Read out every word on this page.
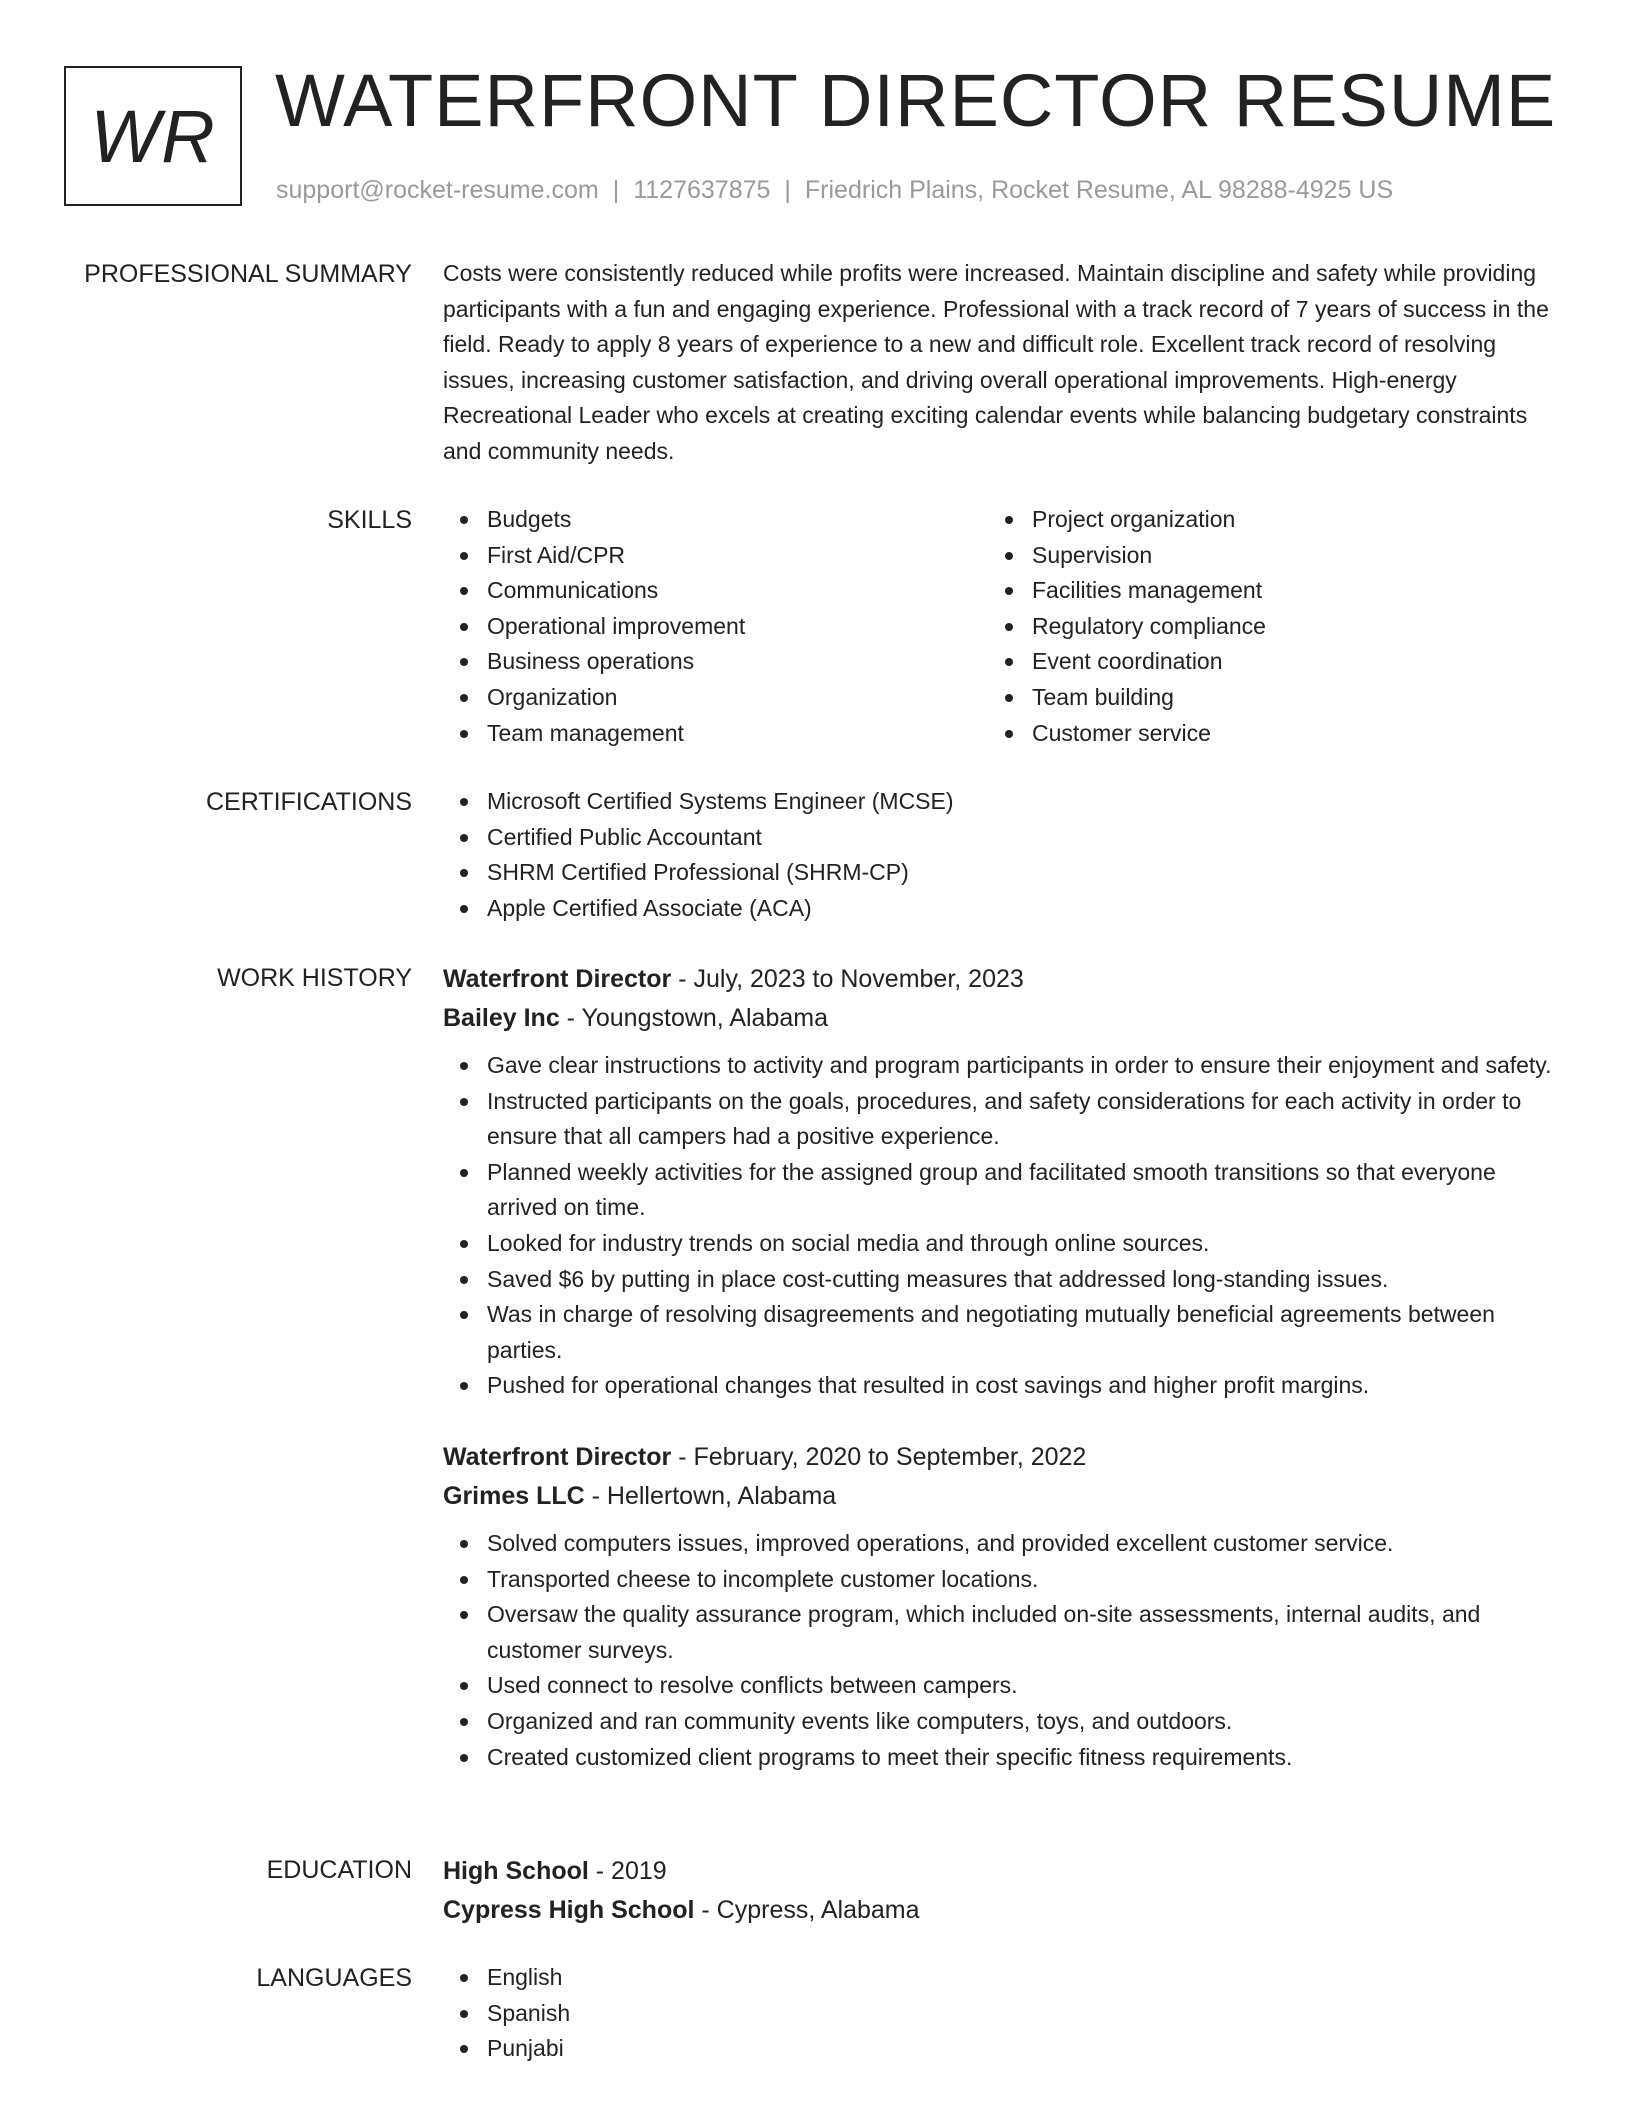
WR WATERFRONT DIRECTOR RESUME
support@rocket-resume.com | 1127637875 | Friedrich Plains, Rocket Resume, AL 98288-4925 US
PROFESSIONAL SUMMARY Costs were consistently reduced while profits were increased. Maintain discipline and safety while providing participants with a fun and engaging experience. Professional with a track record of 7 years of success in the field. Ready to apply 8 years of experience to a new and difficult role. Excellent track record of resolving issues, increasing customer satisfaction, and driving overall operational improvements. High-energy Recreational Leader who excels at creating exciting calendar events while balancing budgetary constraints and community needs.

SKILLS	Budgets
First Aid/CPR
Communications
Operational improvement
Business operations
Organization
Team management
Project organization
Supervision
Facilities management
Regulatory compliance
Event coordination
Team building
Customer service
CERTIFICATIONS	Microsoft Certified Systems Engineer (MCSE)
Certified Public Accountant
SHRM Certified Professional (SHRM-CP)
Apple Certified Associate (ACA)
WORK HISTORY Waterfront Director - July, 2023 to November, 2023
Bailey Inc - Youngstown, Alabama
Gave clear instructions to activity and program participants in order to ensure their enjoyment and safety.
Instructed participants on the goals, procedures, and safety considerations for each activity in order to ensure that all campers had a positive experience.
Planned weekly activities for the assigned group and facilitated smooth transitions so that everyone arrived on time.
Looked for industry trends on social media and through online sources.
Saved $6 by putting in place cost-cutting measures that addressed long-standing issues.
Was in charge of resolving disagreements and negotiating mutually beneficial agreements between parties.
Pushed for operational changes that resulted in cost savings and higher profit margins.
Waterfront Director - February, 2020 to September, 2022
Grimes LLC - Hellertown, Alabama
Solved computers issues, improved operations, and provided excellent customer service.
Transported cheese to incomplete customer locations.
Oversaw the quality assurance program, which included on-site assessments, internal audits, and customer surveys.
Used connect to resolve conflicts between campers.
Organized and ran community events like computers, toys, and outdoors.
Created customized client programs to meet their specific fitness requirements.
EDUCATION High School - 2019
Cypress High School - Cypress, Alabama
LANGUAGES	English
Spanish
Punjabi
